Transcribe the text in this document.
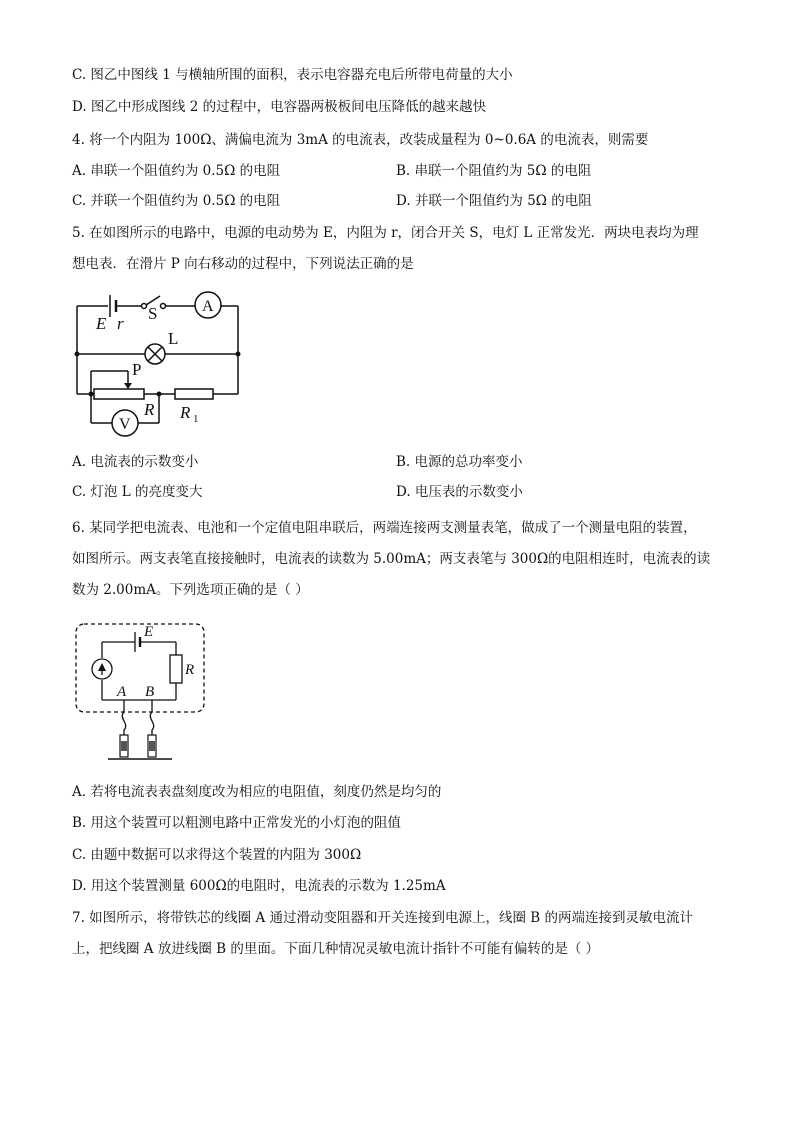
C. 图乙中图线 1 与横轴所围的面积，表示电容器充电后所带电荷量的大小
D. 图乙中形成图线 2 的过程中，电容器两极板间电压降低的越来越快
4. 将一个内阻为 100Ω、满偏电流为 3mA 的电流表，改装成量程为 0~0.6A 的电流表，则需要
A. 串联一个阻值约为 0.5Ω 的电阻	B. 串联一个阻值约为 5Ω 的电阻
C. 并联一个阻值约为 0.5Ω 的电阻	D. 并联一个阻值约为 5Ω 的电阻
5. 在如图所示的电路中，电源的电动势为 E，内阻为 r，闭合开关 S，电灯 L 正常发光．两块电表均为理
想电表．在滑片 P 向右移动的过程中，下列说法正确的是
E r
S	A
L
P
R R 1
V
A. 电流表的示数变小	B. 电源的总功率变小
C. 灯泡 L 的亮度变大	D. 电压表的示数变小
6. 某同学把电流表、电池和一个定值电阻串联后，两端连接两支测量表笔，做成了一个测量电阻的装置，
如图所示。两支表笔直接接触时，电流表的读数为 5.00mA；两支表笔与 300Ω的电阻相连时，电流表的读
数为 2.00mA。下列选项正确的是（ ）
E
R
A B
A. 若将电流表表盘刻度改为相应的电阻值，刻度仍然是均匀的
B. 用这个装置可以粗测电路中正常发光的小灯泡的阻值
C. 由题中数据可以求得这个装置的内阻为 300Ω
D. 用这个装置测量 600Ω的电阻时，电流表的示数为 1.25mA
7. 如图所示，将带铁芯的线圈 A 通过滑动变阻器和开关连接到电源上，线圈 B 的两端连接到灵敏电流计
上，把线圈 A 放进线圈 B 的里面。下面几种情况灵敏电流计指针不可能有偏转的是（ ）
